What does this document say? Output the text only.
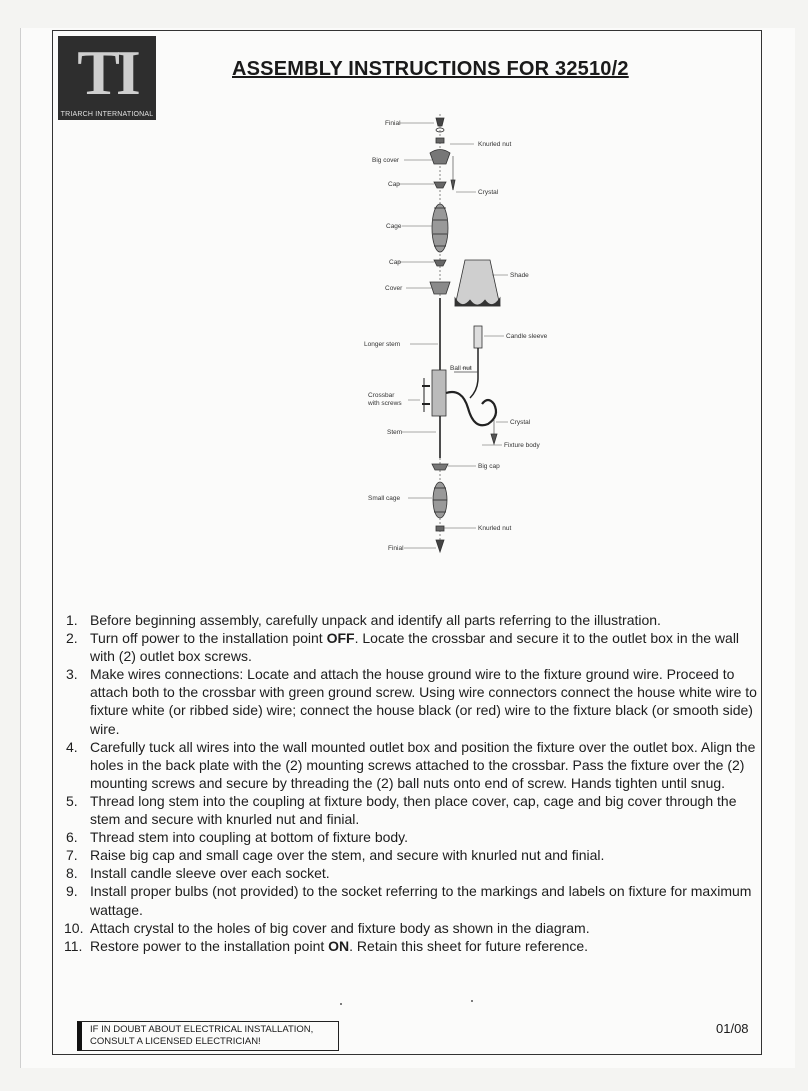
TI
TRIARCH INTERNATIONAL
ASSEMBLY INSTRUCTIONS FOR 32510/2
Finial
Knurled nut
Big cover
Cap
Crystal
Cage
Cap
Shade
Cover
Candle sleeve
Longer stem
Ball nut
Crossbar
with screws
Crystal
Stem
Fixture body
Big cap
Small cage
Knurled nut
Finial
1. Before beginning assembly, carefully unpack and identify all parts referring to the illustration.
2. Turn off power to the installation point OFF. Locate the crossbar and secure it to the outlet box in the wall with (2) outlet box screws.
3. Make wires connections: Locate and attach the house ground wire to the fixture ground wire. Proceed to attach both to the crossbar with green ground screw. Using wire connectors connect the house white wire to fixture white (or ribbed side) wire; connect the house black (or red) wire to the fixture black (or smooth side) wire.
4. Carefully tuck all wires into the wall mounted outlet box and position the fixture over the outlet box. Align the holes in the back plate with the (2) mounting screws attached to the crossbar. Pass the fixture over the (2) mounting screws and secure by threading the (2) ball nuts onto end of screw. Hands tighten until snug.
5. Thread long stem into the coupling at fixture body, then place cover, cap, cage and big cover through the stem and secure with knurled nut and finial.
6. Thread stem into coupling at bottom of fixture body.
7. Raise big cap and small cage over the stem, and secure with knurled nut and finial.
8. Install candle sleeve over each socket.
9. Install proper bulbs (not provided) to the socket referring to the markings and labels on fixture for maximum wattage.
10. Attach crystal to the holes of big cover and fixture body as shown in the diagram.
11. Restore power to the installation point ON. Retain this sheet for future reference.
IF IN DOUBT ABOUT ELECTRICAL INSTALLATION,
CONSULT A LICENSED ELECTRICIAN!
01/08
